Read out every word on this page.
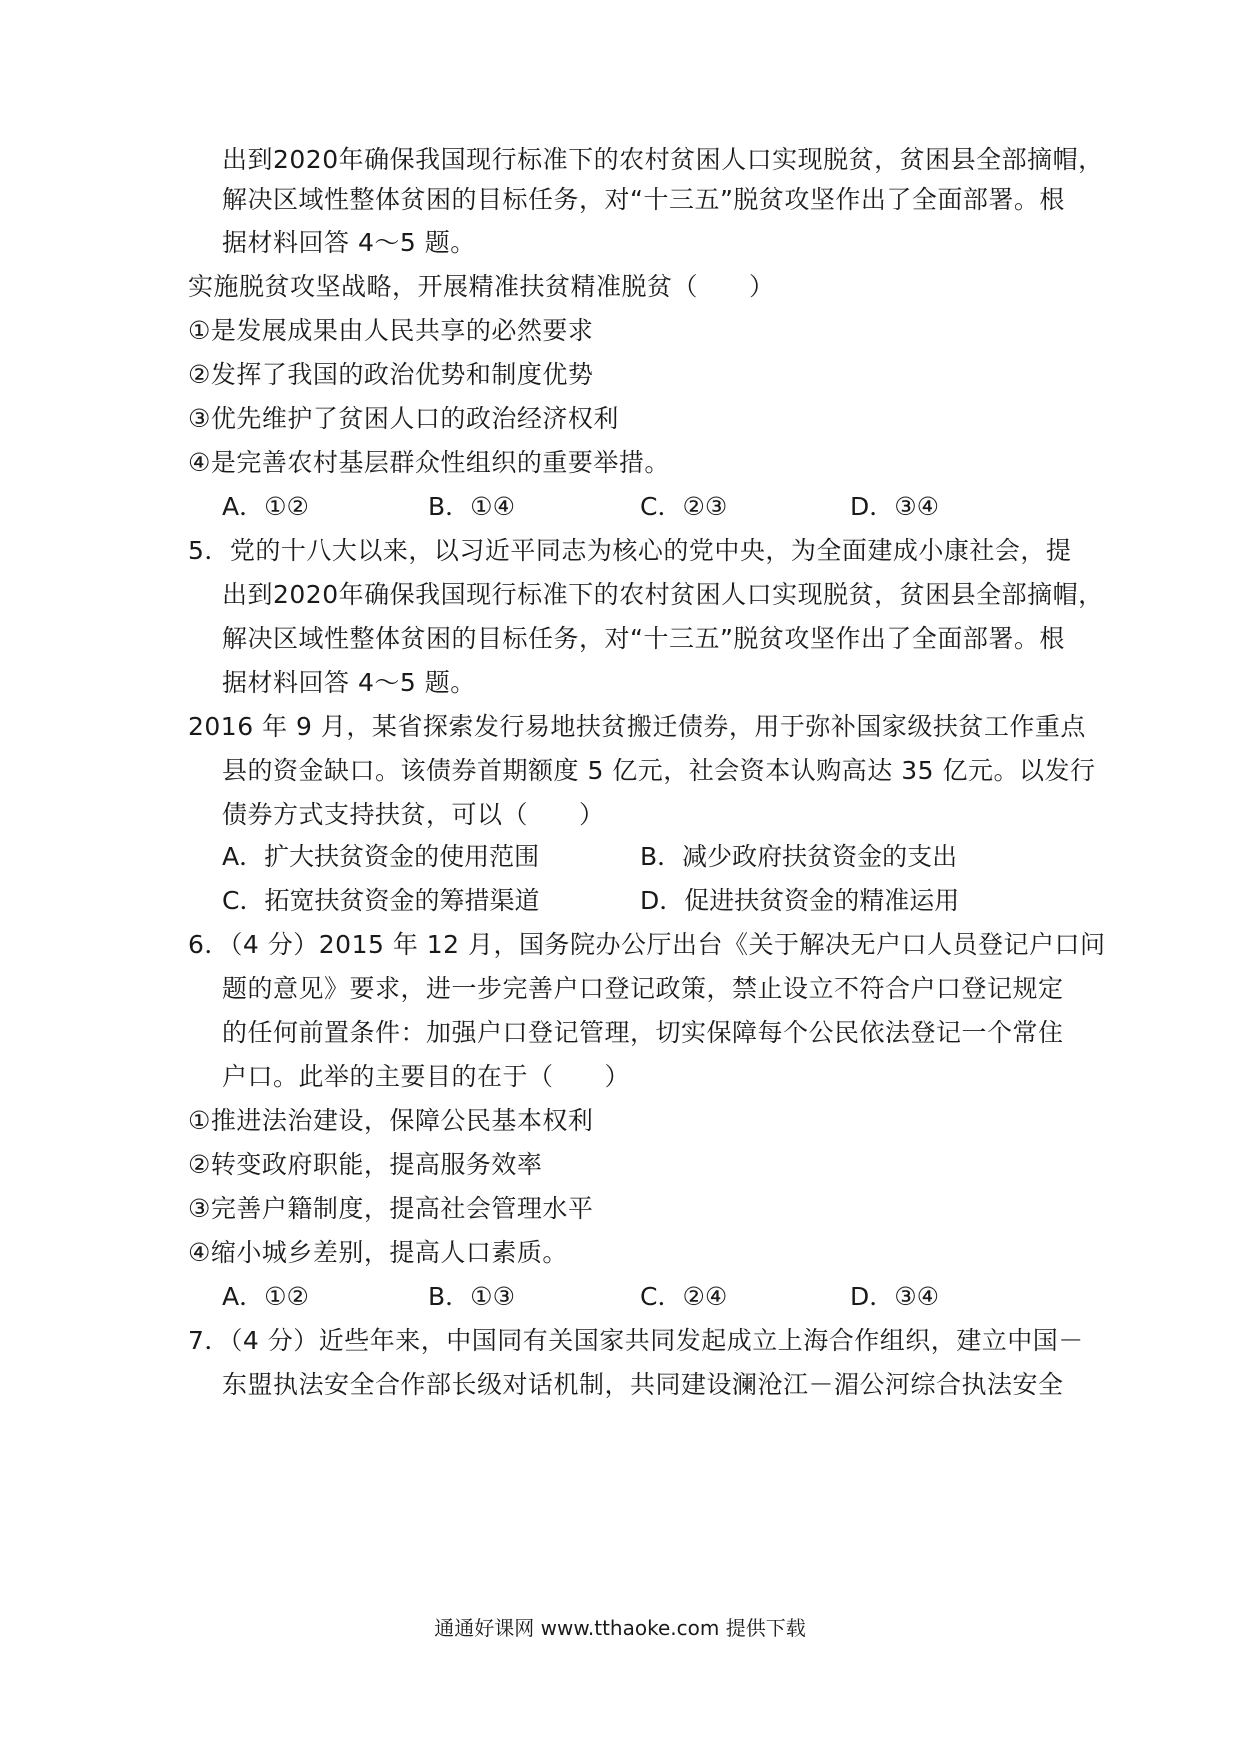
出到2020年确保我国现行标准下的农村贫困人口实现脱贫，贫困县全部摘帽，
解决区域性整体贫困的目标任务，对“十三五”脱贫攻坚作出了全面部署。根
据材料回答 4～5 题。
实施脱贫攻坚战略，开展精准扶贫精准脱贫（　　）
①是发展成果由人民共享的必然要求
②发挥了我国的政治优势和制度优势
③优先维护了贫困人口的政治经济权利
④是完善农村基层群众性组织的重要举措。
A．①②	B．①④	C．②③	D．③④
5．党的十八大以来，以习近平同志为核心的党中央，为全面建成小康社会，提
出到2020年确保我国现行标准下的农村贫困人口实现脱贫，贫困县全部摘帽，
解决区域性整体贫困的目标任务，对“十三五”脱贫攻坚作出了全面部署。根
据材料回答 4～5 题。
2016 年 9 月，某省探索发行易地扶贫搬迁债券，用于弥补国家级扶贫工作重点
县的资金缺口。该债券首期额度 5 亿元，社会资本认购高达 35 亿元。以发行
债券方式支持扶贫，可以（　　）
A．扩大扶贫资金的使用范围	B．减少政府扶贫资金的支出
C．拓宽扶贫资金的筹措渠道	D．促进扶贫资金的精准运用
6．（4 分）2015 年 12 月，国务院办公厅出台《关于解决无户口人员登记户口问
题的意见》要求，进一步完善户口登记政策，禁止设立不符合户口登记规定
的任何前置条件：加强户口登记管理，切实保障每个公民依法登记一个常住
户口。此举的主要目的在于（　　）
①推进法治建设，保障公民基本权利
②转变政府职能，提高服务效率
③完善户籍制度，提高社会管理水平
④缩小城乡差别，提高人口素质。
A．①②	B．①③	C．②④	D．③④
7．（4 分）近些年来，中国同有关国家共同发起成立上海合作组织，建立中国－
东盟执法安全合作部长级对话机制，共同建设澜沧江－湄公河综合执法安全
通通好课网 www.tthaoke.com 提供下载
